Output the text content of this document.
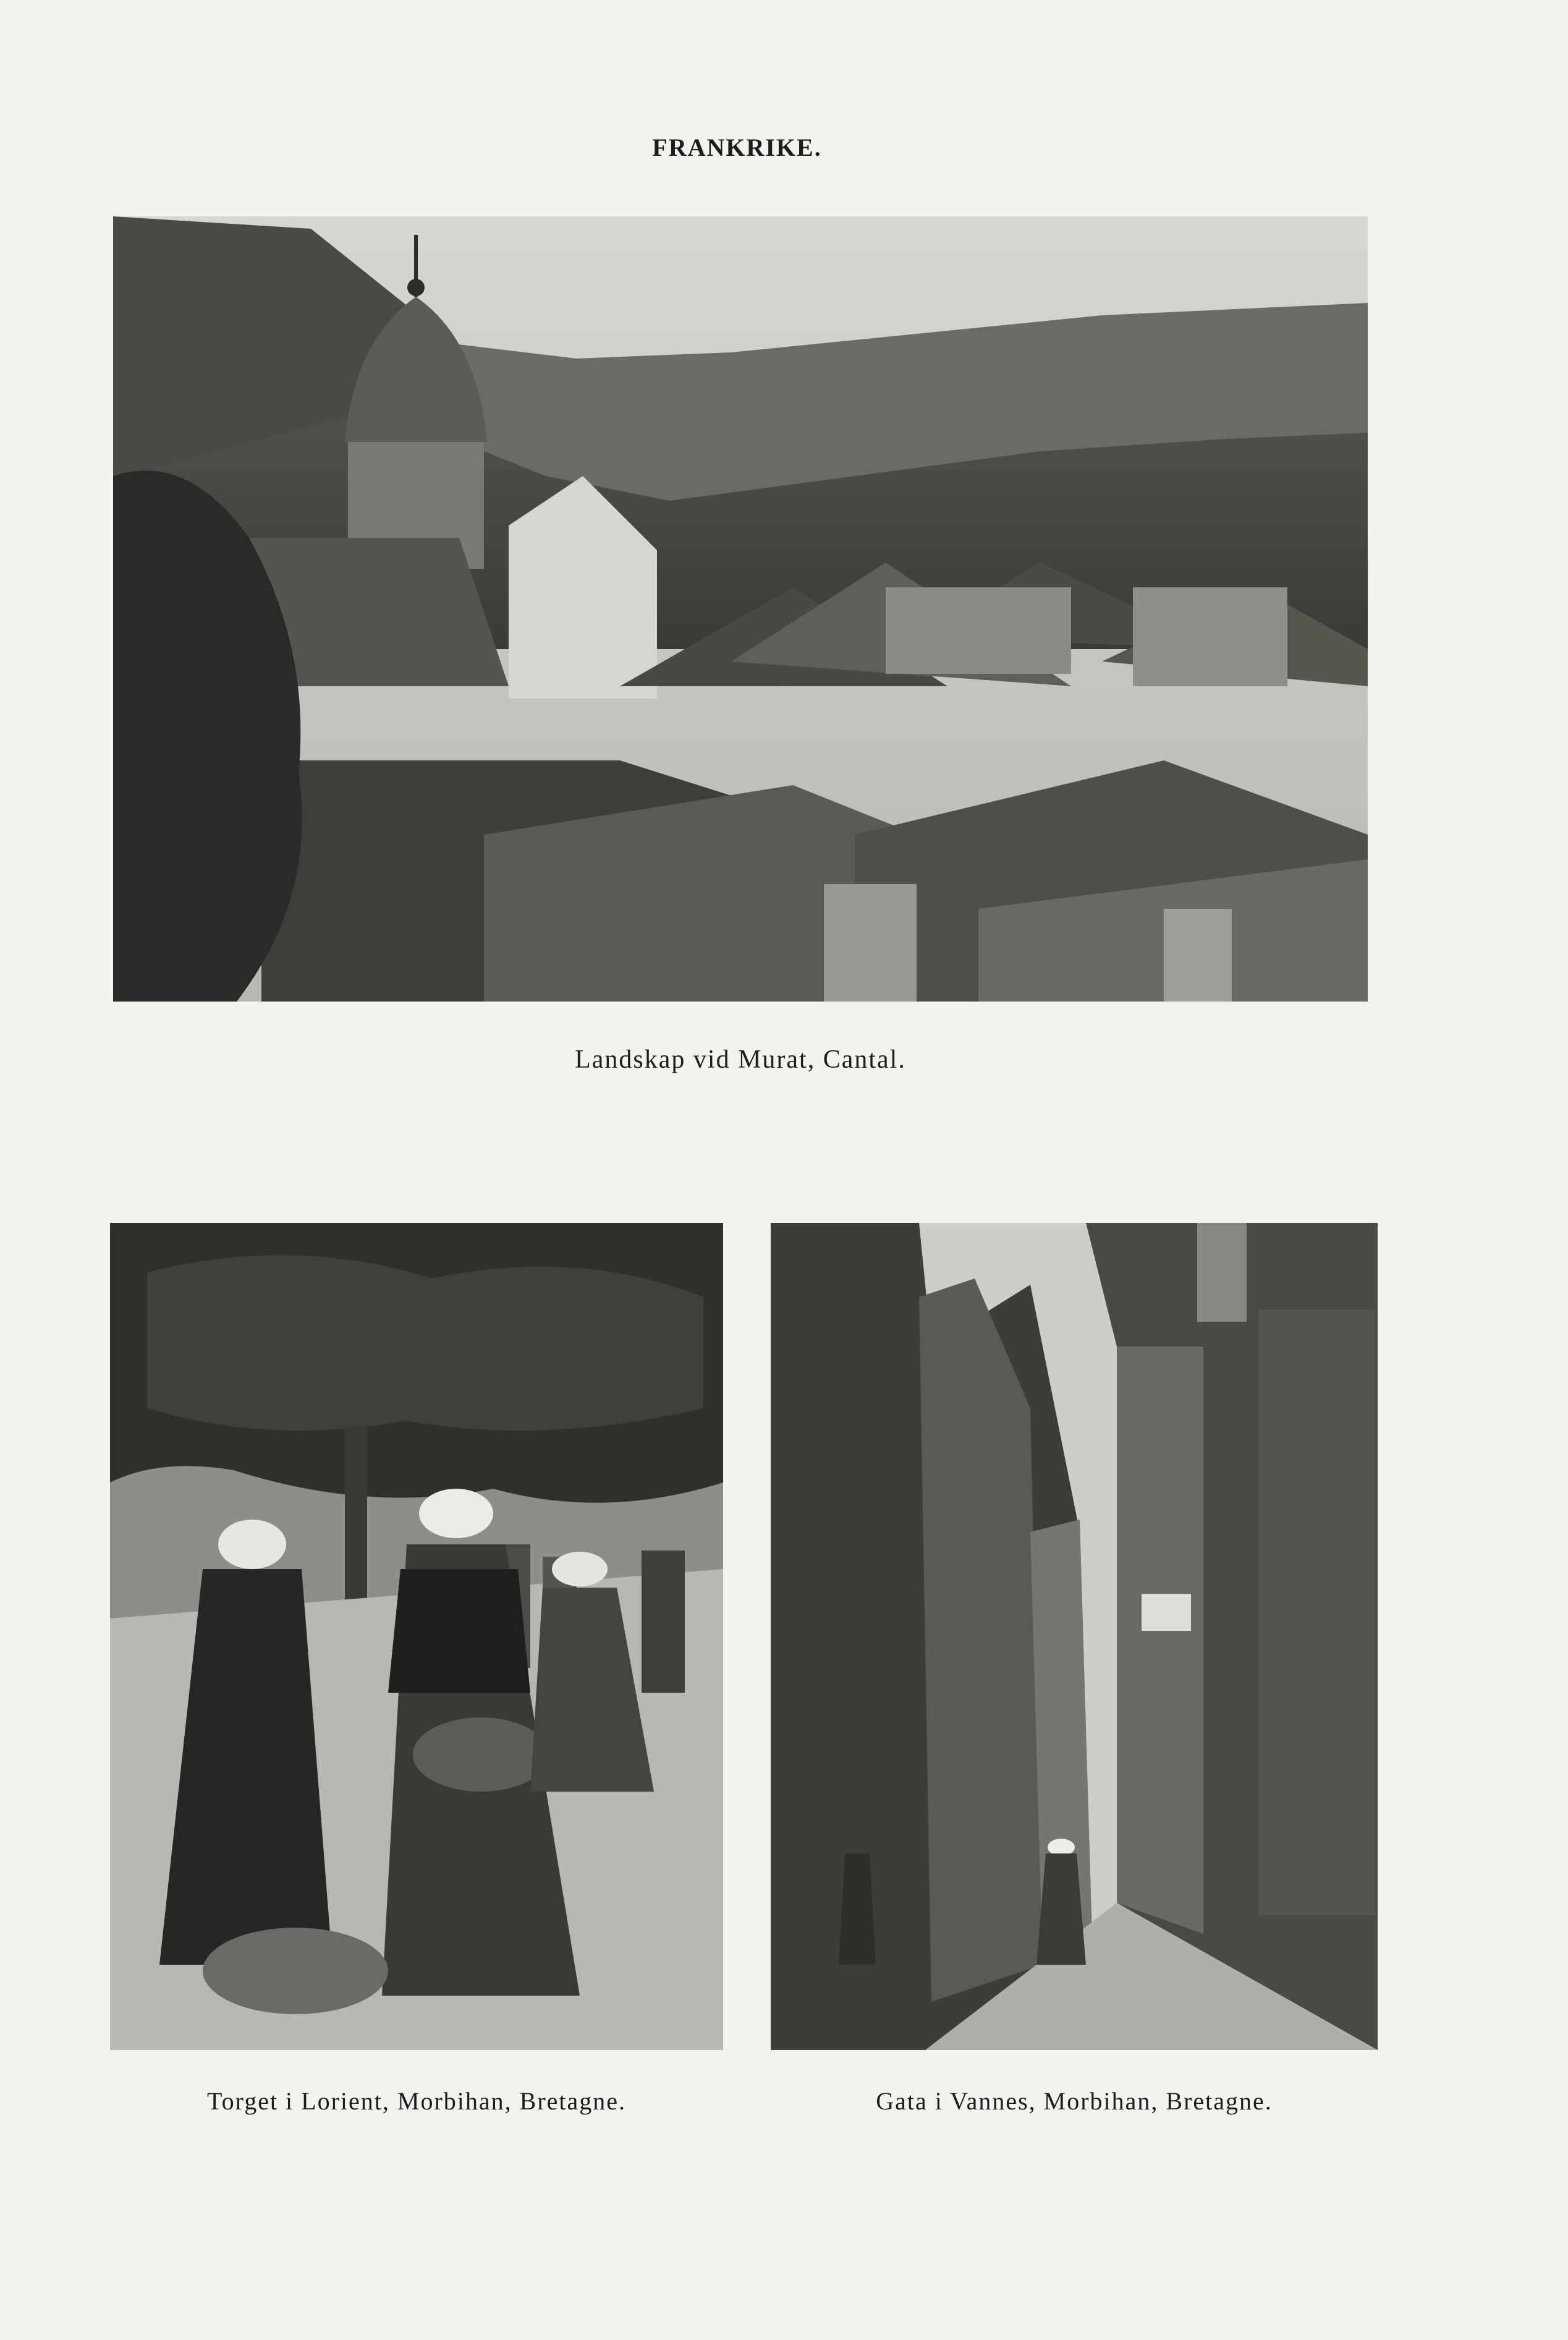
FRANKRIKE.
Landskap vid Murat, Cantal.
Torget i Lorient, Morbihan, Bretagne.	Gata i Vannes, Morbihan, Bretagne.
